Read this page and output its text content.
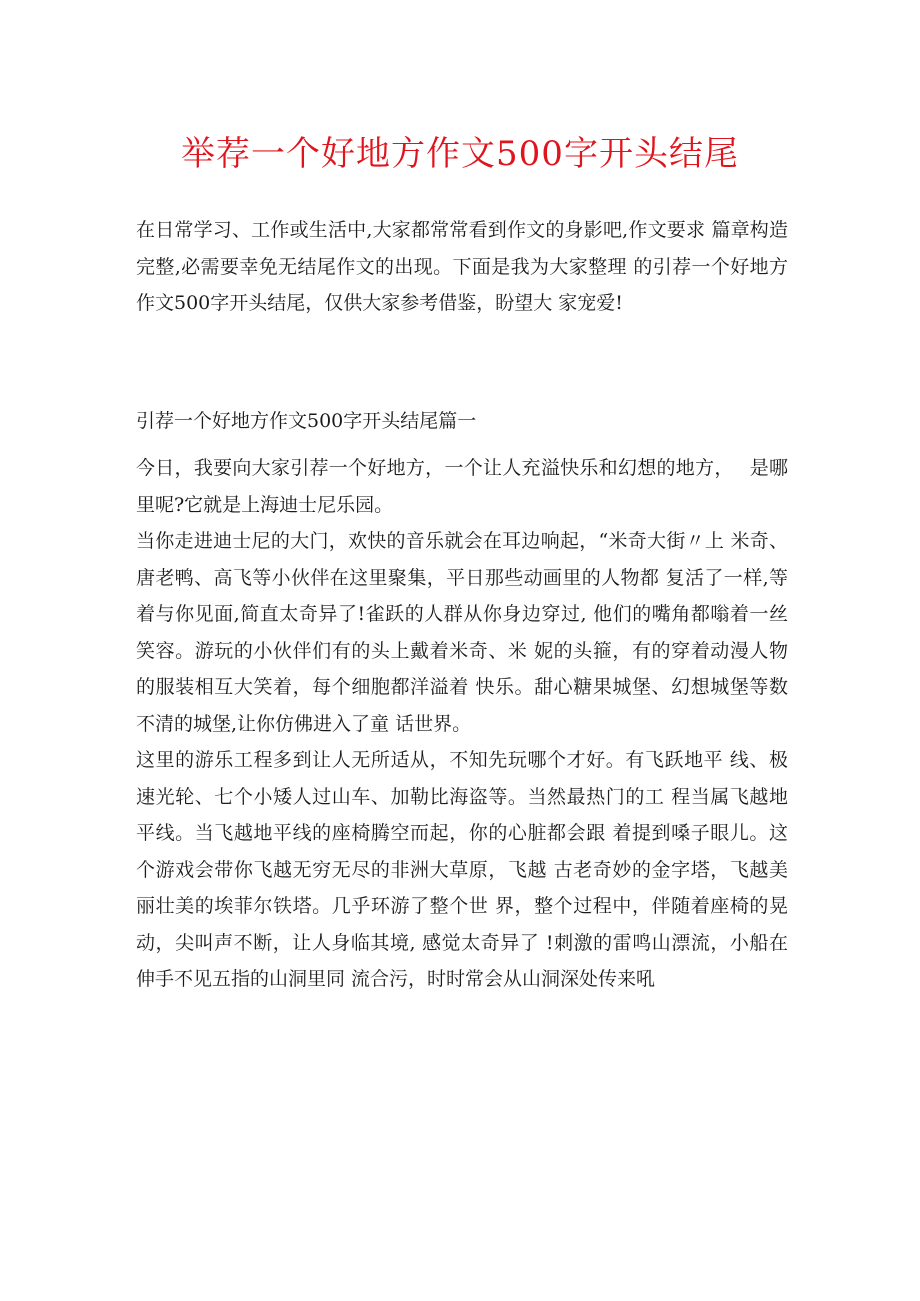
举荐一个好地方作文500字开头结尾
在日常学习、工作或生活中,大家都常常看到作文的身影吧,作文要求 篇章构造完整,必需要幸免无结尾作文的出现。下面是我为大家整理 的引荐一个好地方作文500字开头结尾，仅供大家参考借鉴，盼望大 家宠爱!
引荐一个好地方作文500字开头结尾篇一

今日，我要向大家引荐一个好地方，一个让人充溢快乐和幻想的地方，　 是哪里呢?它就是上海迪士尼乐园。

当你走进迪士尼的大门，欢快的音乐就会在耳边响起，“米奇大街〃上 米奇、唐老鸭、高飞等小伙伴在这里聚集，平日那些动画里的人物都 复活了一样,等着与你见面,简直太奇异了!雀跃的人群从你身边穿过, 他们的嘴角都嗡着一丝笑容。游玩的小伙伴们有的头上戴着米奇、米 妮的头箍，有的穿着动漫人物的服装相互大笑着，每个细胞都洋溢着 快乐。甜心糖果城堡、幻想城堡等数不清的城堡,让你仿佛进入了童 话世界。

这里的游乐工程多到让人无所适从，不知先玩哪个才好。有飞跃地平 线、极速光轮、七个小矮人过山车、加勒比海盗等。当然最热门的工 程当属飞越地平线。当飞越地平线的座椅腾空而起，你的心脏都会跟 着提到嗓子眼儿。这个游戏会带你飞越无穷无尽的非洲大草原，飞越 古老奇妙的金字塔，飞越美丽壮美的埃菲尔铁塔。几乎环游了整个世 界，整个过程中，伴随着座椅的晃动，尖叫声不断，让人身临其境, 感觉太奇异了 !刺激的雷鸣山漂流，小船在伸手不见五指的山洞里同 流合污，时时常会从山洞深处传来吼
